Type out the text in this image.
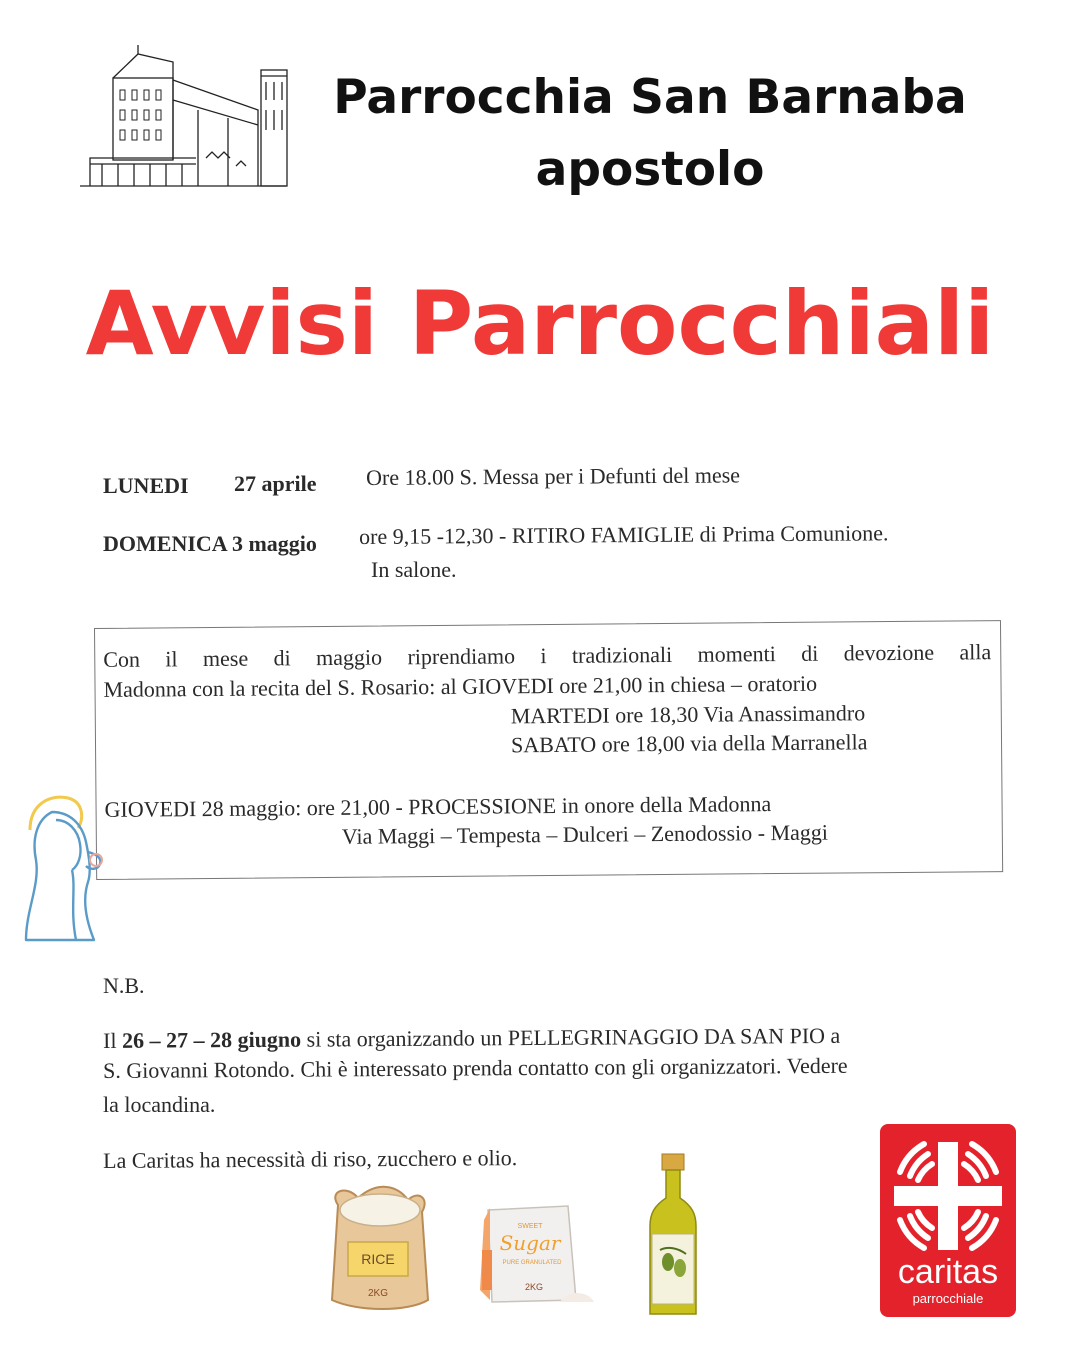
Parrocchia San Barnaba
apostolo
Avvisi Parrocchiali
LUNEDI 27 aprile Ore 18.00 S. Messa per i Defunti del mese
DOMENICA 3 maggio ore 9,15 -12,30 - RITIRO FAMIGLIE di Prima Comunione.
In salone.
Con il mese di maggio riprendiamo i tradizionali momenti di devozione alla
Madonna con la recita del S. Rosario: al GIOVEDI ore 21,00 in chiesa – oratorio
MARTEDI ore 18,30 Via Anassimandro
SABATO ore 18,00 via della Marranella
GIOVEDI 28 maggio: ore 21,00 - PROCESSIONE in onore della Madonna
Via Maggi – Tempesta – Dulceri – Zenodossio - Maggi
N.B.
Il 26 – 27 – 28 giugno si sta organizzando un PELLEGRINAGGIO DA SAN PIO a
S. Giovanni Rotondo. Chi è interessato prenda contatto con gli organizzatori. Vedere
la locandina.
La Caritas ha necessità di riso, zucchero e olio.
RICE
2KG
SWEET
Sugar
PURE GRANULATED
2KG	caritas
parrocchiale
